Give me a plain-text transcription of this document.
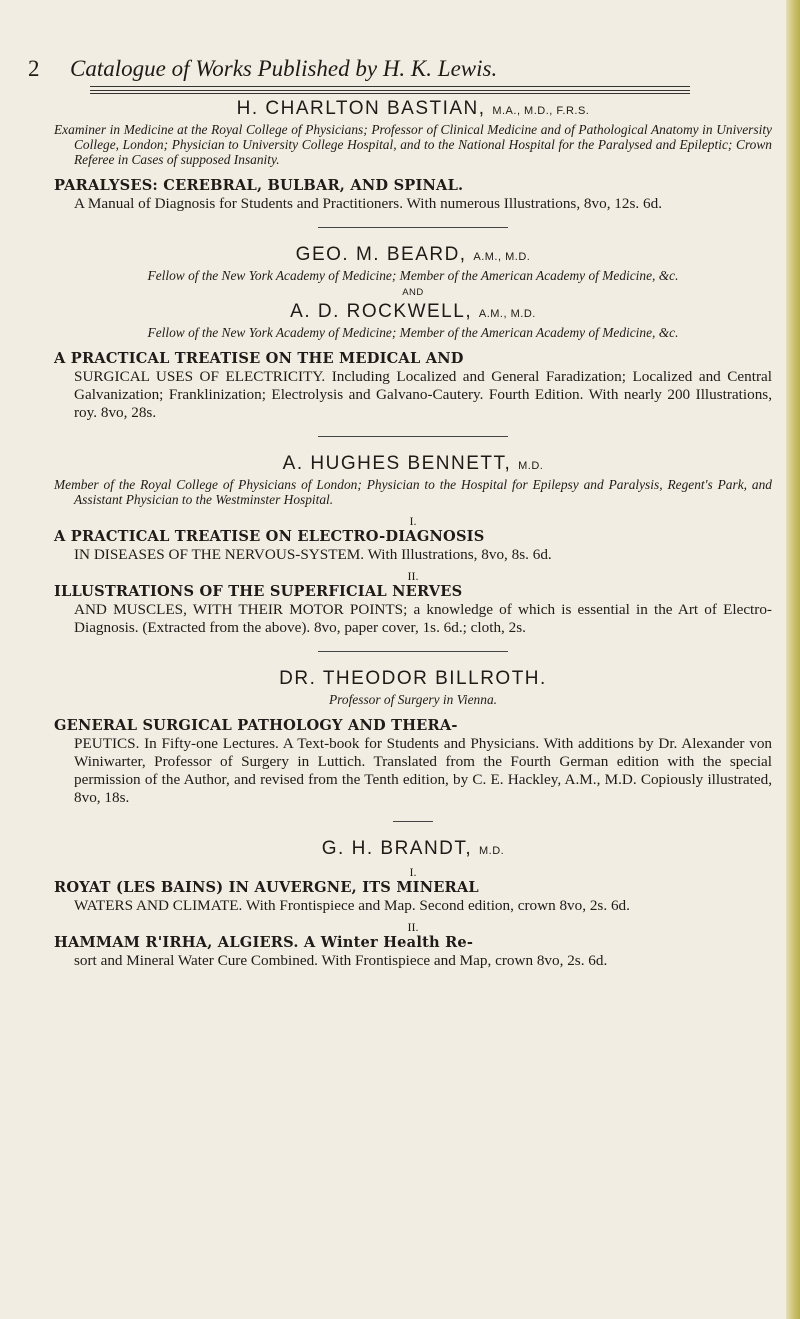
2 Catalogue of Works Published by H. K. Lewis.

H. CHARLTON BASTIAN, M.A., M.D., F.R.S.

Examiner in Medicine at the Royal College of Physicians; Professor of Clinical Medicine and of Pathological Anatomy in University College, London; Physician to University College Hospital, and to the National Hospital for the Paralysed and Epileptic; Crown Referee in Cases of supposed Insanity.

PARALYSES: CEREBRAL, BULBAR, AND SPINAL.

A Manual of Diagnosis for Students and Practitioners. With numerous Illustrations, 8vo, 12s. 6d.

GEO. M. BEARD, A.M., M.D.

Fellow of the New York Academy of Medicine; Member of the American Academy of Medicine, &c.

AND

A. D. ROCKWELL, A.M., M.D.

Fellow of the New York Academy of Medicine; Member of the American Academy of Medicine, &c.

A PRACTICAL TREATISE ON THE MEDICAL AND

SURGICAL USES OF ELECTRICITY. Including Localized and General Faradization; Localized and Central Galvanization; Franklinization; Electrolysis and Galvano-Cautery. Fourth Edition. With nearly 200 Illustrations, roy. 8vo, 28s.

A. HUGHES BENNETT, M.D.

Member of the Royal College of Physicians of London; Physician to the Hospital for Epilepsy and Paralysis, Regent's Park, and Assistant Physician to the Westminster Hospital.

I.

A PRACTICAL TREATISE ON ELECTRO-DIAGNOSIS

IN DISEASES OF THE NERVOUS-SYSTEM. With Illustrations, 8vo, 8s. 6d.

II.

ILLUSTRATIONS OF THE SUPERFICIAL NERVES

AND MUSCLES, WITH THEIR MOTOR POINTS; a knowledge of which is essential in the Art of Electro-Diagnosis. (Extracted from the above). 8vo, paper cover, 1s. 6d.; cloth, 2s.

DR. THEODOR BILLROTH.

Professor of Surgery in Vienna.

GENERAL SURGICAL PATHOLOGY AND THERA-

PEUTICS. In Fifty-one Lectures. A Text-book for Students and Physicians. With additions by Dr. Alexander von Winiwarter, Professor of Surgery in Luttich. Translated from the Fourth German edition with the special permission of the Author, and revised from the Tenth edition, by C. E. Hackley, A.M., M.D. Copiously illustrated, 8vo, 18s.

G. H. BRANDT, M.D.

I.

ROYAT (LES BAINS) IN AUVERGNE, ITS MINERAL

WATERS AND CLIMATE. With Frontispiece and Map. Second edition, crown 8vo, 2s. 6d.

II.

HAMMAM R'IRHA, ALGIERS. A Winter Health Re-

sort and Mineral Water Cure Combined. With Frontispiece and Map, crown 8vo, 2s. 6d.
